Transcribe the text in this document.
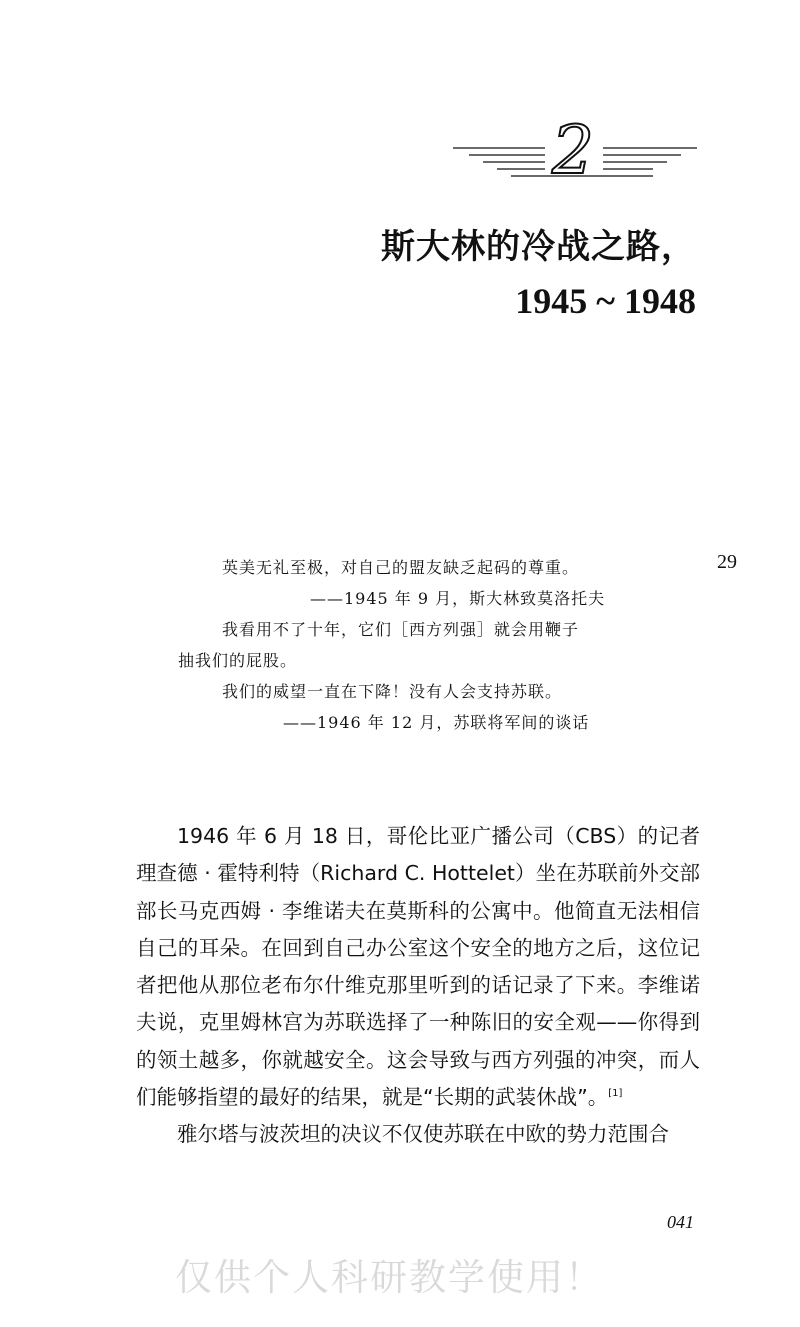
2
斯大林的冷战之路，
1945 ~ 1948
29

英美无礼至极，对自己的盟友缺乏起码的尊重。

——1945 年 9 月，斯大林致莫洛托夫

我看用不了十年，它们［西方列强］就会用鞭子

抽我们的屁股。

我们的威望一直在下降！没有人会支持苏联。

——1946 年 12 月，苏联将军间的谈话

1946 年 6 月 18 日，哥伦比亚广播公司（CBS）的记者理查德 · 霍特利特（Richard C. Hottelet）坐在苏联前外交部部长马克西姆 · 李维诺夫在莫斯科的公寓中。他简直无法相信自己的耳朵。在回到自己办公室这个安全的地方之后，这位记者把他从那位老布尔什维克那里听到的话记录了下来。李维诺夫说，克里姆林宫为苏联选择了一种陈旧的安全观——你得到的领土越多，你就越安全。这会导致与西方列强的冲突，而人们能够指望的最好的结果，就是“长期的武装休战”。[1]

雅尔塔与波茨坦的决议不仅使苏联在中欧的势力范围合

041
仅供个人科研教学使用！
